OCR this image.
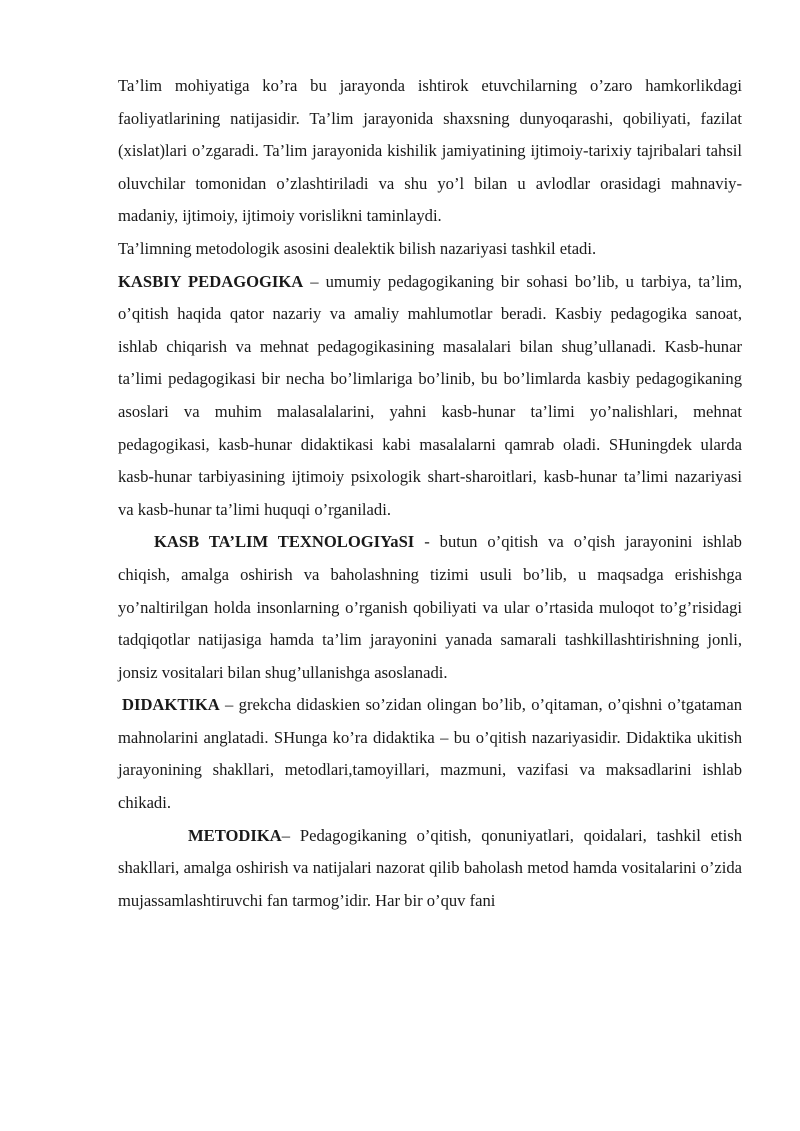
Ta’lim mohiyatiga ko’ra bu jarayonda ishtirok etuvchilarning o’zaro hamkorlikdagi faoliyatlarining natijasidir. Ta’lim jarayonida shaxsning dunyoqarashi, qobiliyati, fazilat (xislat)lari o’zgaradi. Ta’lim jarayonida kishilik jamiyatining ijtimoiy-tarixiy tajribalari tahsil oluvchilar tomonidan o’zlashtiriladi va shu yo’l bilan u avlodlar orasidagi mahnaviy-madaniy, ijtimoiy, ijtimoiy vorislikni taminlaydi.

Ta’limning metodologik asosini dealektik bilish nazariyasi tashkil etadi.

KASBIY PEDAGOGIKA – umumiy pedagogikaning bir sohasi bo’lib, u tarbiya, ta’lim, o’qitish haqida qator nazariy va amaliy mahlumotlar beradi. Kasbiy pedagogika sanoat, ishlab chiqarish va mehnat pedagogikasining masalalari bilan shug’ullanadi. Kasb-hunar ta’limi pedagogikasi bir necha bo’limlariga bo’linib, bu bo’limlarda kasbiy pedagogikaning asoslari va muhim malasalalarini, yahni kasb-hunar ta’limi yo’nalishlari, mehnat pedagogikasi, kasb-hunar didaktikasi kabi masalalarni qamrab oladi. SHuningdek ularda kasb-hunar tarbiyasining ijtimoiy psixologik shart-sharoitlari, kasb-hunar ta’limi nazariyasi va kasb-hunar ta’limi huquqi o’rganiladi.

KASB TA’LIM TEXNOLOGIYaSI - butun o’qitish va o’qish jarayonini ishlab chiqish, amalga oshirish va baholashning tizimi usuli bo’lib, u maqsadga erishishga yo’naltirilgan holda insonlarning o’rganish qobiliyati va ular o’rtasida muloqot to’g’risidagi tadqiqotlar natijasiga hamda ta’lim jarayonini yanada samarali tashkillashtirishning jonli, jonsiz vositalari bilan shug’ullanishga asoslanadi.

DIDAKTIKA – grekcha didaskien so’zidan olingan bo’lib, o’qitaman, o’qishni o’tgataman mahnolarini anglatadi. SHunga ko’ra didaktika – bu o’qitish nazariyasidir. Didaktika ukitish jarayonining shakllari, metodlari,tamoyillari, mazmuni, vazifasi va maksadlarini ishlab chikadi.

METODIKA– Pedagogikaning o’qitish, qonuniyatlari, qoidalari, tashkil etish shakllari, amalga oshirish va natijalari nazorat qilib baholash metod hamda vositalarini o’zida mujassamlashtiruvchi fan tarmog’idir. Har bir o’quv fani
